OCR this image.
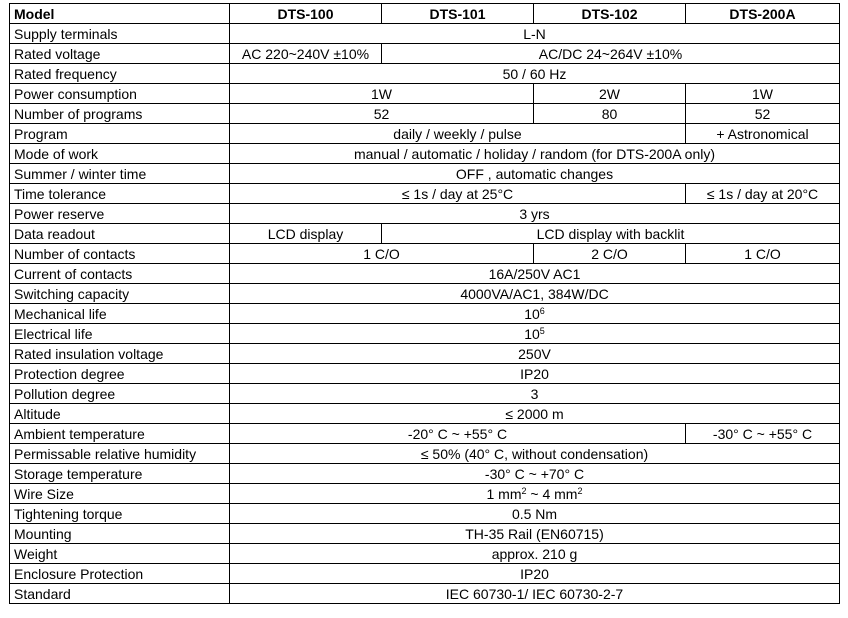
Model	DTS-100	DTS-101	DTS-102	DTS-200A
Supply terminals	L-N			
Rated voltage	AC 220~240V ±10%	AC/DC 24~264V ±10%		
Rated frequency	50 / 60 Hz			
Power consumption	1W		2W	1W
Number of programs	52		80	52
Program	daily / weekly / pulse			+ Astronomical
Mode of work	manual / automatic / holiday / random (for DTS-200A only)			
Summer / winter time	OFF , automatic changes			
Time tolerance	≤ 1s / day at 25°C			≤ 1s / day at 20°C
Power reserve	3 yrs			
Data readout	LCD display	LCD display with backlit		
Number of contacts	1 C/O		2 C/O	1 C/O
Current of contacts	16A/250V AC1			
Switching capacity	4000VA/AC1, 384W/DC			
Mechanical life	$10^6$
Electrical life	$10^5$
Rated insulation voltage	250V			
Protection degree	IP20			
Pollution degree	3			
Altitude	≤ 2000 m			
Ambient temperature	-20° C ~ +55° C			-30° C ~ +55° C
Permissable relative humidity	≤ 50% (40° C, without condensation)			
Storage temperature	-30° C ~ +70° C			
Wire Size	1 $mm^2$ ~ 4 $mm^2$
Tightening torque	0.5 Nm			
Mounting	TH-35 Rail (EN60715)			
Weight	approx. 210 g			
Enclosure Protection	IP20			
Standard	IEC 60730-1/ IEC 60730-2-7			
